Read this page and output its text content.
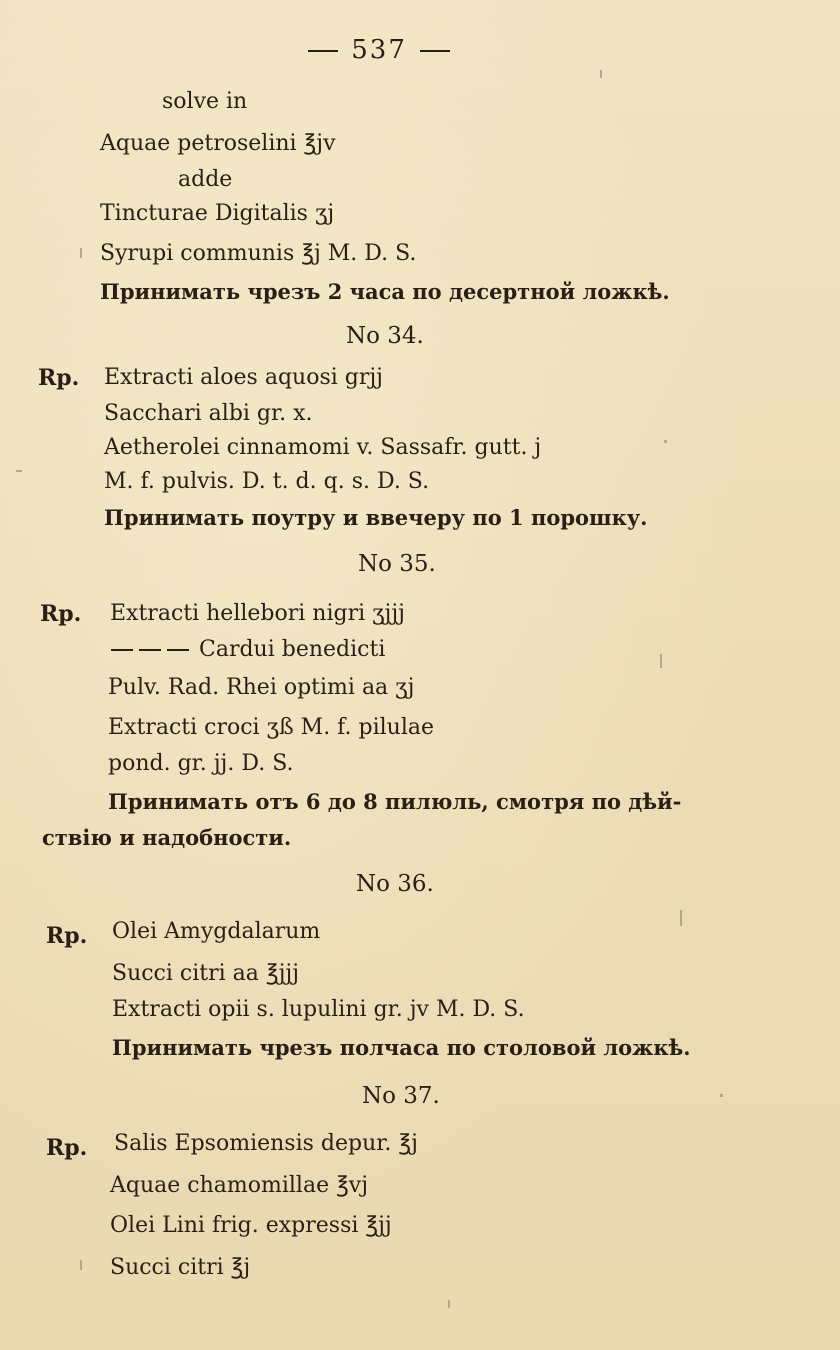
537
solve in
Aquae petroselini ℥jv
adde
Tincturae Digitalis ʒj
Syrupi communis ℥j M. D. S.
Принимать чрезъ 2 часа по десертной ложкѣ.
No 34.
Rp. Extracti aloes aquosi grjj
Sacchari albi gr. x.
Aetherolei cinnamomi v. Sassafr. gutt. j
M. f. pulvis. D. t. d. q. s. D. S.
Принимать поутру и ввечеру по 1 порошку.
No 35.
Rp. Extracti hellebori nigri ʒjjj
Cardui benedicti
Pulv. Rad. Rhei optimi aa ʒj
Extracti croci ʒß M. f. pilulae
pond. gr. jj. D. S.
Принимать отъ 6 до 8 пилюль, смотря по дѣй-
ствію и надобности.
No 36.
Rp. Olei Amygdalarum
Succi citri aa ℥jjj
Extracti opii s. lupulini gr. jv M. D. S.
Принимать чрезъ полчаса по столовой ложкѣ.
No 37.
Rp. Salis Epsomiensis depur. ℥j
Aquae chamomillae ℥vj
Olei Lini frig. expressi ℥jj
Succi citri ℥j
